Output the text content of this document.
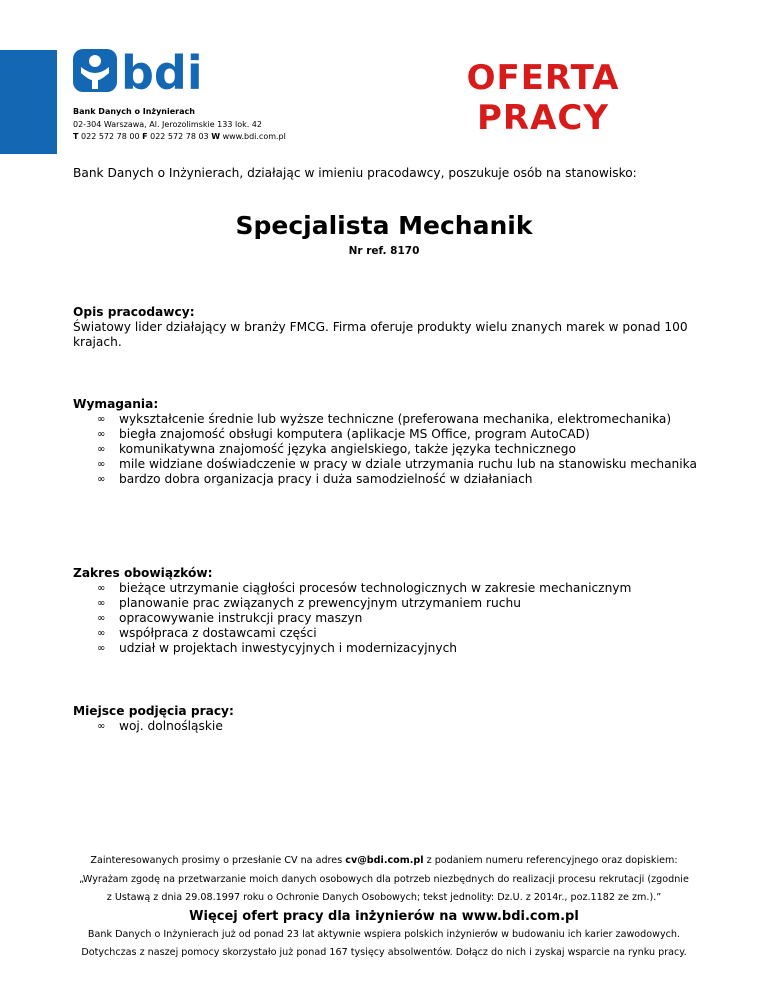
bdi
Bank Danych o Inżynierach
02-304 Warszawa, Al. Jerozolimskie 133 lok. 42
T 022 572 78 00 F 022 572 78 03 W www.bdi.com.pl
OFERTA
PRACY
Bank Danych o Inżynierach, działając w imieniu pracodawcy, poszukuje osób na stanowisko:
Specjalista Mechanik
Nr ref. 8170
Opis pracodawcy:

Światowy lider działający w branży FMCG. Firma oferuje produkty wielu znanych marek w ponad 100 krajach.

Wymagania:
∞ wykształcenie średnie lub wyższe techniczne (preferowana mechanika, elektromechanika)
∞ biegła znajomość obsługi komputera (aplikacje MS Office, program AutoCAD)
∞ komunikatywna znajomość języka angielskiego, także języka technicznego
∞ mile widziane doświadczenie w pracy w dziale utrzymania ruchu lub na stanowisku mechanika
∞ bardzo dobra organizacja pracy i duża samodzielność w działaniach
Zakres obowiązków:
∞ bieżące utrzymanie ciągłości procesów technologicznych w zakresie mechanicznym
∞ planowanie prac związanych z prewencyjnym utrzymaniem ruchu
∞ opracowywanie instrukcji pracy maszyn
∞ współpraca z dostawcami części
∞ udział w projektach inwestycyjnych i modernizacyjnych
Miejsce podjęcia pracy:
∞ woj. dolnośląskie
Zainteresowanych prosimy o przesłanie CV na adres cv@bdi.com.pl z podaniem numeru referencyjnego oraz dopiskiem:
„Wyrażam zgodę na przetwarzanie moich danych osobowych dla potrzeb niezbędnych do realizacji procesu rekrutacji (zgodnie
z Ustawą z dnia 29.08.1997 roku o Ochronie Danych Osobowych; tekst jednolity: Dz.U. z 2014r., poz.1182 ze zm.).”
Więcej ofert pracy dla inżynierów na www.bdi.com.pl
Bank Danych o Inżynierach już od ponad 23 lat aktywnie wspiera polskich inżynierów w budowaniu ich karier zawodowych.
Dotychczas z naszej pomocy skorzystało już ponad 167 tysięcy absolwentów. Dołącz do nich i zyskaj wsparcie na rynku pracy.
